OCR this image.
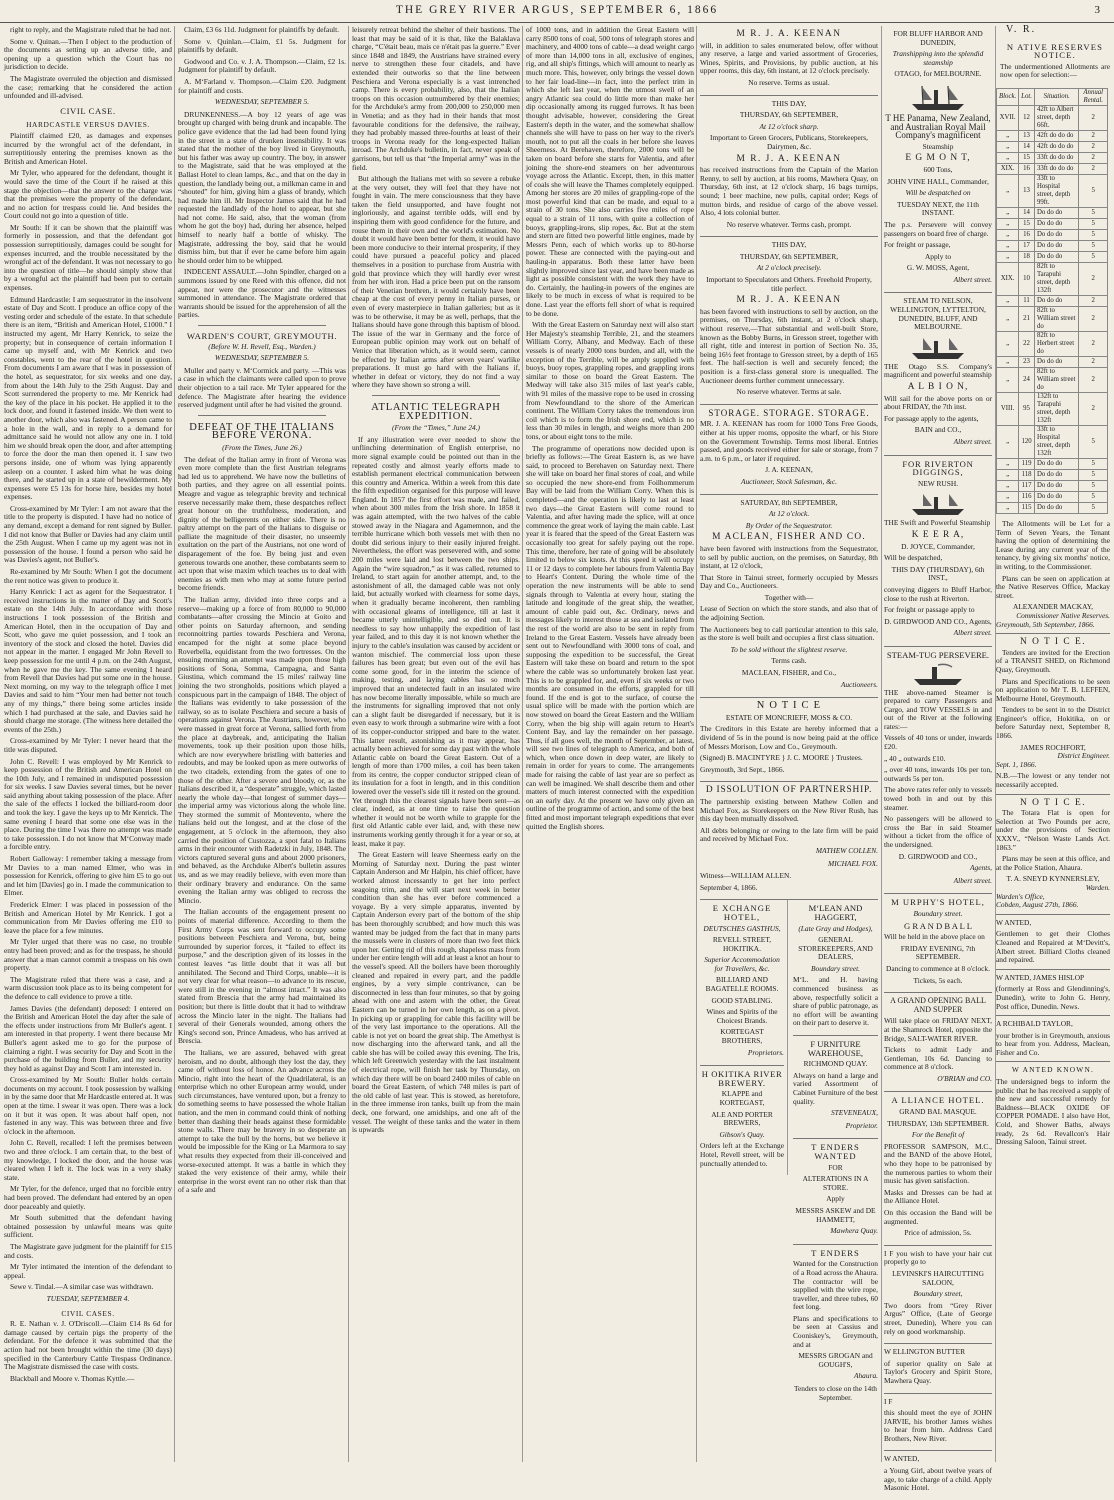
THE GREY RIVER ARGUS, SEPTEMBER 6, 1866	3

right to reply, and the Magistrate ruled that he had not.

Some v. Quinan.—Then I object to the production of the documents as setting up an adverse title, and opening up a question which the Court has no jurisdiction to decide.

The Magistrate overruled the objection and dismissed the case; remarking that he considered the action unfounded and ill-advised.

CIVIL CASE.
HARDCASTLE VERSUS DAVIES.

Plaintiff claimed £20, as damages and expenses incurred by the wrongful act of the defendant, in surreptitiously entering the premises known as the British and American Hotel.

Mr Tyler, who appeared for the defendant, thought it would save the time of the Court if he raised at this stage the objection—that the answer to the charge was that the premises were the property of the defendant, and no action for trespass could lie. And besides the Court could not go into a question of title.

Mr South: If it can be shown that the plaintiff was formerly in possession, and that the defendant got possession surreptitiously, damages could be sought for expenses incurred, and the trouble necessitated by the wrongful act of the defendant. It was not necessary to go into the question of title—he should simply show that by a wrongful act the plaintiff had been put to certain expenses.

Edmund Hardcastle: I am sequestrator in the insolvent estate of Day and Scott. I produce an office copy of the vesting order and schedule of the estate. In that schedule there is an item, “British and American Hotel, £1000.” I instructed my agent, Mr Harry Kenrick, to seize the property; but in consequence of certain information I came up myself and, with Mr Kenrick and two constables, went to the rear of the hotel in question. From documents I am aware that I was in possession of the hotel, as sequestrator, for six weeks and one day, from about the 14th July to the 25th August. Day and Scott surrendered the property to me. Mr Kenrick had the key of the place in his pocket. He applied it to the lock door, and found it fastened inside. We then went to another door, which also was fastened. A person came to a hole in the wall, and in reply to a demand for admittance said he would not allow any one in. I told him we should break open the door, and after attempting to force the door the man then opened it. I saw two persons inside, one of whom was lying apparently asleep on a counter. I asked him what he was doing there, and he started up in a state of bewilderment. My expenses were £5 13s for horse hire, besides my hotel expenses.

Cross-examined by Mr Tyler: I am not aware that the title to the property is disputed. I have had no notice of any demand, except a demand for rent signed by Buller. I did not know that Buller or Davies had any claim until the 25th August. When I came up my agent was not in possession of the house. I found a person who said he was Davies's agent, not Buller's.

Re-examined by Mr South: When I got the document the rent notice was given to produce it.

Harry Kenrick: I act as agent for the Sequestrator. I received instructions in the matter of Day and Scott's estate on the 14th July. In accordance with those instructions I took possession of the British and American Hotel, then in the occupation of Day and Scott, who gave me quiet possession, and I took an inventory of the stock and closed the hotel. Davies did not appear in the matter. I engaged Mr John Revell to keep possession for me until 4 p.m. on the 24th August, when he gave me the key. The same evening I heard from Revell that Davies had put some one in the house. Next morning, on my way to the telegraph office I met Davies and said to him “Your men had better not touch any of my things,” there being some articles inside which I had purchased at the sale, and Davies said he should charge me storage. (The witness here detailed the events of the 25th.)

Cross-examined by Mr Tyler: I never heard that the title was disputed.

John C. Revell: I was employed by Mr Kenrick to keep possession of the British and American Hotel on the 10th July, and I remained in undisputed possession for six weeks. I saw Davies several times, but he never said anything about taking possession of the place. After the sale of the effects I locked the billiard-room door and took the key. I gave the keys up to Mr Kenrick. The same evening I heard that some one else was in the place. During the time I was there no attempt was made to take possession. I do not know that M‘Conway made a forcible entry.

Robert Galloway: I remember taking a message from Mr Davies to a man named Elmer, who was in possession for Kenrick, offering to give him £5 to go out and let him [Davies] go in. I made the communication to Elmer.

Frederick Elmer: I was placed in possession of the British and American Hotel by Mr Kenrick. I got a communication from Mr Davies offering me £10 to leave the place for a few minutes.

Mr Tyler urged that there was no case, no trouble entry had been proved; and as for the trespass, he should answer that a man cannot commit a trespass on his own property.

The Magistrate ruled that there was a case, and a warm discussion took place as to its being competent for the defence to call evidence to prove a title.

James Davies (the defendant) deposed: I entered on the British and American Hotel the day after the sale of the effects under instructions from Mr Buller's agent. I am interested in that property. I went there because Mr Buller's agent asked me to go for the purpose of claiming a right. I was security for Day and Scott in the purchase of the building from Buller, and my security they hold as against Day and Scott I am interested in.

Cross-examined by Mr South: Buller holds certain documents on my account. I took possession by walking in by the same door that Mr Hardcastle entered at. It was open at the time. I swear it was open. There was a lock on it but it was open. It was about half open, not fastened in any way. This was between three and five o'clock in the afternoon.

John C. Revell, recalled: I left the premises between two and three o'clock. I am certain that, to the best of my knowledge, I locked the door, and the house was cleared when I left it. The lock was in a very shaky state.

Mr Tyler, for the defence, urged that no forcible entry had been proved. The defendant had entered by an open door peaceably and quietly.

Mr South submitted that the defendant having obtained possession by unlawful means was quite sufficient.

The Magistrate gave judgment for the plaintiff for £15 and costs.

Mr Tyler intimated the intention of the defendant to appeal.

Sewe v. Tindal.—A similar case was withdrawn.

TUESDAY, SEPTEMBER 4.
CIVIL CASES.

R. E. Nathan v. J. O'Driscoll.—Claim £14 8s 6d for damage caused by certain pigs the property of the defendant. For the defence it was submitted that the action had not been brought within the time (30 days) specified in the Canterbury Cattle Trespass Ordinance. The Magistrate dismissed the case with costs.

Blackball and Moore v. Thomas Kyttle.—

Claim, £3 6s 11d. Judgment for plaintiffs by default.

Some v. Quinlan.—Claim, £1 5s. Judgment for plaintiffs by default.

Godwood and Co. v. J. A. Thompson.—Claim, £2 1s. Judgment for plaintiff by default.

A. M‘Farland v. Thompson.—Claim £20. Judgment for plaintiff and costs.

WEDNESDAY, SEPTEMBER 5.

DRUNKENNESS.—A boy 12 years of age was brought up charged with being drunk and incapable. The police gave evidence that the lad had been found lying in the street in a state of drunken insensibility. It was stated that the mother of the boy lived in Greymouth, but his father was away up country. The boy, in answer to the Magistrate, said that he was employed at the Ballast Hotel to clean lamps, &c., and that on the day in question, the landlady being out, a milkman came in and “shouted” for him, giving him a glass of brandy, which had made him ill. Mr Inspector James said that he had requested the landlady of the hotel to appear, but she had not come. He said, also, that the woman (from whom he got the boy) had, during her absence, helped himself to nearly half a bottle of whisky. The Magistrate, addressing the boy, said that he would dismiss him, but that if ever he came before him again he should order him to be whipped.

INDECENT ASSAULT.—John Spindler, charged on a summons issued by one Reed with this offence, did not appear, nor were the prosecutor and the witnesses summoned in attendance. The Magistrate ordered that warrants should be issued for the apprehension of all the parties.

WARDEN'S COURT, GREYMOUTH.
(Before W. H. Revell, Esq., Warden.)
WEDNESDAY, SEPTEMBER 5.

Muller and party v. M‘Cormick and party. —This was a case in which the claimants were called upon to prove their objection to a tail race. Mr Tyler appeared for the defence. The Magistrate after hearing the evidence reserved judgment until after he had visited the ground.

DEFEAT OF THE ITALIANS BEFORE VERONA.
(From the Times, June 26.)

The defeat of the Italian army in front of Verona was even more complete than the first Austrian telegrams had led us to apprehend. We have now the bulletins of both parties, and they agree on all essential points. Meagre and vague as telegraphic brevity and technical reserve necessarily make them, these despatches reflect great honour on the truthfulness, moderation, and dignity of the belligerents on either side. There is no paltry attempt on the part of the Italians to disguise or palliate the magnitude of their disaster, no unseemly exultation on the part of the Austrians, not one word of disparagement of the foe. By being just and even generous towards one another, these combatants seem to act upon that wise maxim which teaches us to deal with enemies as with men who may at some future period become friends.

The Italian army, divided into three corps and a reserve—making up a force of from 80,000 to 90,000 combatants—after crossing the Mincio at Goito and other points on Saturday afternoon, and sending reconnoitring parties towards Peschiera and Verona, encamped for the night at some place beyond Roverbella, equidistant from the two fortresses. On the ensuing morning an attempt was made upon those high positions of Sona, Somma, Campagna, and Santa Giustina, which command the 15 miles' railway line joining the two strongholds, positions which played a conspicuous part in the campaign of 1848. The object of the Italians was evidently to take possession of the railway, so as to isolate Peschiera and secure a basis of operations against Verona. The Austrians, however, who were massed in great force at Verona, sallied forth from the place at daybreak, and, anticipating the Italian movements, took up their position upon those hills, which are now everywhere bristling with batteries and redoubts, and may be looked upon as mere outworks of the two citadels, extending from the gates of one to those of the other. After a severe and bloody, or, as the Italians described it, a “desperate” struggle, which lasted nearly the whole day—that longest of summer days—the imperial army was victorious along the whole line. They stormed the summit of Montevento, where the Italians held out the longest, and at the close of the engagement, at 5 o'clock in the afternoon, they also carried the position of Custozza, a spot fatal to Italians arms in their encounter with Radetzki in July, 1848. The victors captured several guns and about 2000 prisoners, and behaved, as the Archduke Albert's bulletin assures us, and as we may readily believe, with even more than their ordinary bravery and endurance. On the same evening the Italian army was obliged to recross the Mincio.

The Italian accounts of the engagement present no points of material difference. According to them the First Army Corps was sent forward to occupy some positions between Peschiera and Verona, but, being surrounded by superior forces, it “failed to effect its purpose,” and the description given of its losses in the contest leaves “as little doubt that it was all but annihilated. The Second and Third Corps, unable—it is not very clear for what reason—to advance to its rescue, were still in the evening in “almost intact.” It was also stated from Brescia that the army had maintained its position; but there is little doubt that it had to withdraw across the Mincio later in the night. The Italians had several of their Generals wounded, among others the King's second son, Prince Amadeus, who has arrived at Brescia.

The Italians, we are assured, behaved with great heroism, and no doubt, although they lost the day, they came off without loss of honor. An advance across the Mincio, right into the heart of the Quadrilateral, is an enterprise which no other European army would, under such circumstances, have ventured upon, but a frenzy to do something seems to have possessed the whole Italian nation, and the men in command could think of nothing better than dashing their heads against these formidable stone walls. There may be bravery in so desperate an attempt to take the bull by the horns, but we believe it would be impossible for the King or La Marmora to say what results they expected from their ill-conceived and worse-executed attempt. It was a battle in which they staked the very existence of their army, while their enterprise in the worst event ran no other risk than that of a safe and

leisurely retreat behind the shelter of their bastions. The least that may be said of it is that, like the Balaklava charge, “C'était beau, mais ce n'était pas la guerre.” Ever since 1848 and 1849, the Austrians have strained every nerve to strengthen these four citadels, and have extended their outworks so that the line between Peschiera and Verona especially is a vast intrenched camp. There is every probability, also, that the Italian troops on this occasion outnumbered by their enemies; for the Archduke's army from 200,000 to 250,000 men in Venetia; and as they had in their hands that most favourable conditions for the defensive, the railway, they had probably massed three-fourths at least of their troops in Verona ready for the long-expected Italian inroad. The Archduke's bulletin, in fact, never speak of garrisons, but tell us that “the Imperial army” was in the field.

But although the Italians met with so severe a rebuke at the very outset, they will feel that they have not fought in vain. The mere consciousness that they have taken the field unsupported, and have fought not ingloriously, and against terrible odds, will end by inspiring them with good confidence for the future, and rouse them in their own and the world's estimation. No doubt it would have been better for them, it would have been more conducive to their internal prosperity, if they could have pursued a peaceful policy and placed themselves in a position to purchase from Austria with gold that province which they will hardly ever wrest from her with iron. Had a price been put on the ransom of their Venetian brethren, it would certainly have been cheap at the cost of every penny in Italian purses, or even of every masterpiece in Italian galleries; but as it was to be otherwise, it may be as well, perhaps, that the Italians should have gone through this baptism of blood. The issue of the war in Germany and the force of European public opinion may work out on behalf of Venice that liberation which, as it would seem, cannot be effected by Italian arms after seven years' warlike preparations. It must go hard with the Italians if, whether in defeat or victory, they do not find a way where they have shown so strong a will.

ATLANTIC TELEGRAPH EXPEDITION.
(From the “Times,” June 24.)

If any illustration were ever needed to show the unflinching determination of English enterprise, no more signal example could be pointed out than in the repeated costly and almost yearly efforts made to establish permanent electrical communication between this country and America. Within a week from this date the fifth expedition organised for this purpose will leave England. In 1857 the first effort was made, and failed, when about 300 miles from the Irish shore. In 1858 it was again attempted, with the two halves of the cable stowed away in the Niagara and Agamemnon, and the terrible hurricane which both vessels met with then no doubt did serious injury to their easily injured freight. Nevertheless, the effort was persevered with, and some 200 miles were laid and lost between the two ships. Again the “wire squadron,” as it was called, returned to Ireland, to start again for another attempt, and, to the astonishment of all, the damaged cable was not only laid, but actually worked with clearness for some days, when it gradually became incoherent, then rambling with occasional gleams of intelligence, till at last it became utterly unintelligible, and so died out. It is needless to say how unhappily the expedition of last year failed, and to this day it is not known whether the injury to the cable's insulation was caused by accident or wanton mischief. The commercial loss upon these failures has been great; but even out of the evil has come some good, for in the interim the science of making, testing, and laying cables has so much improved that an undetected fault in an insulated wire has now become literally impossible, while so much are the instruments for signalling improved that not only can a slight fault be disregarded if necessary, but it is even easy to work through a submarine wire with a foot of its copper-conductor stripped and bare to the water. This latter result, astonishing as it may appear, has actually been achieved for some day past with the whole Atlantic cable on board the Great Eastern. Out of a length of more than 1700 miles, a coil has been taken from its centre, the copper conductor stripped clean of its insulation for a foot in length, and in this condition lowered over the vessel's side till it rested on the ground. Yet through this the clearest signals have been sent—as clear, indeed, as at one time to raise the question whether it would not be worth while to grapple for the first old Atlantic cable ever laid, and, with these new instruments working gently through it for a year or so, at least, make it pay.

The Great Eastern will leave Sheerness early on the Morning of Saturday next. During the past winter Captain Anderson and Mr Halpin, his chief officer, have worked almost incessantly to get her into perfect seagoing trim, and the will start next week in better condition than she has ever before commenced a voyage. By a very simple apparatus, invented by Captain Anderson every part of the bottom of the ship has been thoroughly scrubbed; and how much this was wanted may be judged from the fact that in many parts the mussels were in clusters of more than two feet thick upon her. Getting rid of this rough, shapeless mass from under her entire length will add at least a knot an hour to the vessel's speed. All the boilers have been thoroughly cleaned and repaired in every part, and the paddle engines, by a very simple contrivance, can be disconnected in less than four minutes, so that by going ahead with one and astern with the other, the Great Eastern can be turned in her own length, as on a pivot. In picking up or grappling for cable this facility will be of the very last importance to the operations. All the cable is not yet on board the great ship. The Amethyst is now discharging into the afterward tank, and all the cable she has will be coiled away this evening. The Iris, which left Greenwich yesterday with the last instalment of electrical rope, will finish her task by Thursday, on which day there will be on board 2400 miles of cable on board the Great Eastern, of which 748 miles is part of the old cable of last year. This is stowed, as heretofore, in the three immense iron tanks, built up from the main deck, one forward, one amidships, and one aft of the vessel. The weight of these tanks and the water in them is upwards

of 1000 tons, and in addition the Great Eastern will carry 8500 tons of coal, 500 tons of telegraph stores and machinery, and 4000 tons of cable—a dead weight cargo of more than 14,000 tons in all, exclusive of engines, rig, and all ship's fittings, which will amount to nearly as much more. This, however, only brings the vessel down to her fair load-line—in fact, into the perfect trim in which she left last year, when the utmost swell of an angry Atlantic sea could do little more than make her dip occasionally among its rugged furrows. It has been thought advisable, however, considering the Great Eastern's depth in the water, and the somewhat shallow channels she will have to pass on her way to the river's mouth, not to put all the coals in her before she leaves Sheerness. At Berehaven, therefore, 2000 tons will be taken on board before she starts for Valentia, and after joining the shore-end steamers on her adventurous voyage across the Atlantic. Except, then, in this matter of coals she will leave the Thames completely equipped. Among her stores are 20 miles of grappling-rope of the most powerful kind that can be made, and equal to a strain of 30 tons. She also carries five miles of rope equal to a strain of 11 tons, with quite a collection of buoys, grappling-irons, slip ropes, &c. But at the stem and stern are fitted two powerful little engines, made by Messrs Penn, each of which works up to 80-horse power. These are connected with the paying-out and hauling-in apparatus. Both these latter have been slightly improved since last year, and have been made as light as possible consistent with the work they have to do. Certainly, the hauling-in powers of the engines are likely to be much in excess of what is required to be done. Last year the efforts fell short of what is required to be done.

With the Great Eastern on Saturday next will also start Her Majesty's steamship Terrible, 21, and the steamers William Corry, Albany, and Medway. Each of these vessels is of nearly 2000 tons burden, and all, with the exception of the Terrible, will be amply supplied with buoys, buoy ropes, grappling ropes, and grappling irons similar to those on board the Great Eastern. The Medway will take also 315 miles of last year's cable, with 91 miles of the massive rope to be used in crossing from Newfoundland to the shore of the American continent. The William Corry takes the tremendous iron coil which is to form the Irish shore end, which is no less than 30 miles in length, and weighs more than 200 tons, or about eight tons to the mile.

The programme of operations now decided upon is briefly as follows:—The Great Eastern is, as we have said, to proceed to Berehaven on Saturday next. There she will take on board her final stores of coal, and while so occupied the new shore-end from Foilhommerum Bay will be laid from the William Corry. When this is completed—and the operation is likely to last at least two days—the Great Eastern will come round to Valentia, and after having made the splice, will at once commence the great work of laying the main cable. Last year it is feared that the speed of the Great Eastern was occasionally too great for safely paying out the rope. This time, therefore, her rate of going will be absolutely limited to below six knots. At this speed it will occupy 11 or 12 days to complete her labours from Valentia Bay to Heart's Content. During the whole time of the operation the new instruments will be able to send signals through to Valentia at every hour, stating the latitude and longitude of the great ship, the weather, amount of cable paid out, &c. Ordinary, news and messages likely to interest those at sea and isolated from the rest of the world are also to be sent in reply from Ireland to the Great Eastern. Vessels have already been sent out to Newfoundland with 3000 tons of coal, and supposing the expedition to be successful, the Great Eastern will take these on board and return to the spot where the cable was so unfortunately broken last year. This is to be grappled for, and, even if six weeks or two months are consumed in the efforts, grappled for till found. If the end is got to the surface, of course the usual splice will be made with the portion which are now stowed on board the Great Eastern and the William Corry, when the big ship will again return to Heart's Content Bay, and lay the remainder on her passage. Thus, if all goes well, the month of September, at latest, will see two lines of telegraph to America, and both of which, when once down in deep water, are likely to remain in order for years to come. The arrangements made for raising the cable of last year are so perfect as can well be imagined. We shall describe them and other matters of much interest connected with the expedition on an early day. At the present we have only given an outline of the programme of action, and some of the best fitted and most important telegraph expeditions that ever quitted the English shores.

M R. J. A. KEENAN

will, in addition to sales enumerated below, offer without any reserve, a large and varied assortment of Groceries, Wines, Spirits, and Provisions, by public auction, at his upper rooms, this day, 6th instant, at 12 o'clock precisely.

No reserve. Terms as usual.

THIS DAY,

THURSDAY, 6th SEPTEMBER,

At 12 o'clock sharp.

Important to Green Grocers, Publicans, Storekeepers, Dairymen, &c.

M R. J. A. KEENAN

has received instructions from the Captain of the Marion Renny, to sell by auction, at his rooms, Mawhera Quay, on Thursday, 6th inst, at 12 o'clock sharp, 16 bags turnips, sound; 1 beer machine, new pulls, capital order; Kegs of mutton birds, and residue of cargo of the above vessel. Also, 4 lots colonial butter.

No reserve whatever. Terms cash, prompt.

THIS DAY,

THURSDAY, 6th SEPTEMBER,

At 2 o'clock precisely.

Important to Speculators and Others. Freehold Property, title perfect.

M R. J. A. KEENAN

has been favored with instructions to sell by auction, on the premises, on Thursday, 6th instant, at 2 o'clock sharp, without reserve,—That substantial and well-built Store, known as the Bobby Burns, in Gresson street, together with all right, title and interest in portion of Section No. 35, being 16½ feet frontage to Gresson street, by a depth of 165 feet. The half-section is well and securely fenced; the position is a first-class general store is unequalled. The Auctioneer deems further comment unnecessary.

No reserve whatever. Terms at sale.

STORAGE. STORAGE. STORAGE.

MR. J. A. KEENAN has room for 1000 Tons Free Goods, either at his upper rooms, opposite the wharf, or his Store on the Government Township. Terms most liberal. Entries passed, and goods received either for sale or storage, from 7 a.m. to 6 p.m., or later if required.

J. A. KEENAN,

Auctioneer, Stock Salesman, &c.

SATURDAY, 8th SEPTEMBER,

At 12 o'clock.

By Order of the Sequestrator.

M ACLEAN, FISHER AND CO.

have been favored with instructions from the Sequestrator, to sell by public auction, on the premises, on Saturday, 8th instant, at 12 o'clock,

That Store in Tainui street, formerly occupied by Messrs Day and Co., Auctioneers.

Together with—

Lease of Section on which the store stands, and also that of the adjoining Section.

The Auctioneers beg to call particular attention to this sale, as the store is well built and occupies a first class situation.

To be sold without the slightest reserve.

Terms cash.

MACLEAN, FISHER, and Co.,

Auctioneers.

N O T I C E

ESTATE OF MONCRIEFF, MOSS & CO.

The Creditors in this Estate are hereby informed that a dividend of 5s in the pound is now being paid at the office of Messrs Morison, Low and Co., Greymouth.

(Signed) B. MACINTYRE } J. C. MOORE } Trustees.

Greymouth, 3rd Sept., 1866.

D ISSOLUTION OF PARTNERSHIP.

The partnership existing between Mathew Collen and Michael Fox, as Storekeepers on the New River Rush, has this day been mutually dissolved.

All debts belonging or owing to the late firm will be paid and received by Michael Fox.

MATHEW COLLEN.

MICHAEL FOX.

Witness—WILLIAM ALLEN.

September 4, 1866.

E XCHANGE HOTEL,

DEUTSCHES GASTHUS,

REVELL STREET, HOKITIKA.

Superior Accommodation for Travellers, &c.

BILLIARD AND BAGATELLE ROOMS.

GOOD STABLING.

Wines and Spirits of the Choicest Brands.

KORTEGAST BROTHERS,

Proprietors.

H OKITIKA RIVER BREWERY.

KLAPPE and KORTEGAST,

ALE AND PORTER BREWERS,

Gibson's Quay.

Orders left at the Exchange Hotel, Revell street, will be punctually attended to.

M‘LEAN AND HAGGERT,

(Late Gray and Hodges),

GENERAL STOREKEEPERS, AND DEALERS,

Boundary street.

M‘L. and H. having commenced business as above, respectfully solicit a share of public patronage, as no effort will be awanting on their part to deserve it.

F URNITURE WAREHOUSE,

RICHMOND QUAY.

Always on hand a large and varied Assortment of Cabinet Furniture of the best quality.

STEVENEAUX,

Proprietor.

T ENDERS WANTED

FOR

ALTERATIONS IN A STORE.

Apply

MESSRS ASKEW and DE HAMMETT,

Mawhera Quay.

T ENDERS

Wanted for the Construction of a Road across the Ahaura. The contractor will be supplied with the wire rope, traveller, and three tubes, 60 feet long.

Plans and specifications to be seen at Cassius and Cooniskey's, Greymouth, and at

MESSRS GROGAN and GOUGH'S,

Ahaura.

Tenders to close on the 14th September.

FOR BLUFF HARBOR AND DUNEDIN,

Transhipping into the splendid steamship

OTAGO, for MELBOURNE.

T HE Panama, New Zealand, and Australian Royal Mail Company's magnificent

Steamship

E G M O N T,

600 Tons,

JOHN VINE HALL, Commander,

Will be despatched on

TUESDAY NEXT, the 11th INSTANT.

The p.s. Persevere will convey passengers on board free of charge.

For freight or passage,

Apply to

G. W. MOSS, Agent,

Albert street.

STEAM TO NELSON, WELLINGTON, LYTTELTON, DUNEDIN, BLUFF, AND MELBOURNE.

THE Otago S.S. Company's magnificent and powerful steamship

A L B I O N,

Will sail for the above ports on or about FRIDAY, the 7th inst.

For passage apply to the agents,

BAIN and CO.,

Albert street.

FOR RIVERTON DIGGINGS,

NEW RUSH.

THE Swift and Powerful Steamship

K E E R A,

D. JOYCE, Commander,

Will be despatched,

THIS DAY (THURSDAY), 6th INST.,

conveying diggers to Bluff Harbor, close to the rush at Riverton.

For freight or passage apply to

D. GIRDWOOD AND CO., Agents,

Albert street.

STEAM-TUG PERSEVERE.

THE above-named Steamer is prepared to carry Passengers and Cargo, and TOW VESSELS in and out of the River at the following rates:—

Vessels of 40 tons or under, inwards £20.

„ 40 „ outwards £10.

„ over 40 tons, inwards 10s per ton, outwards 5s per ton.

The above rates refer only to vessels towed both in and out by this steamer.

No passengers will be allowed to cross the Bar in said Steamer without a ticket from the office of the undersigned.

D. GIRDWOOD and CO.,

Agents,

Albert street.

M URPHY'S HOTEL,

Boundary street.

G R A N D B A L L

Will be held in the above place on

FRIDAY EVENING, 7th SEPTEMBER.

Dancing to commence at 8 o'clock.

Tickets, 5s each.

A GRAND OPENING BALL AND SUPPER

Will take place on FRIDAY NEXT, at the Shamrock Hotel, opposite the Bridge, SALT-WATER RIVER.

Tickets to admit Lady and Gentleman, 10s 6d. Dancing to commence at 8 o'clock.

O'BRIAN and CO.

A LLIANCE HOTEL.

GRAND BAL MASQUE.

THURSDAY, 13th SEPTEMBER.

For the Benefit of

PROFESSOR SAMPSON, M.C., and the BAND of the above Hotel, who they hope to be patronised by the numerous parties to whom their music has given satisfaction.

Masks and Dresses can be had at the Alliance Hotel.

On this occasion the Band will be augmented.

Price of admission, 5s.

I F you wish to have your hair cut properly go to

LEVINSKI'S HAIRCUTTING SALOON,

Boundary street,

Two doors from “Grey River Argus” Office, (Late of George street, Dunedin), Where you can rely on good workmanship.

W ELLINGTON BUTTER

of superior quality on Sale at Taylor's Grocery and Spirit Store, Mawhera Quay.

I F

this should meet the eye of JOHN JARVIE, his brother James wishes to hear from him. Address Card Brothers, New River.

W ANTED,

a Young Girl, about twelve years of age, to take charge of a child. Apply Masonic Hotel.

V. R.

N ATIVE RESERVES NOTICE.

The undermentioned Allotments are now open for selection:—

Block.	Lot.	Situation.	Annual Rental.
XVII.	12	42ft to Albert street, depth 66ft.	2
„	13	42ft do do do	2
„	14	42ft do do do	2
„	15	33ft do do do	2
XIX.	16	33ft do do do	2
„	13	33ft to Hospital street, depth 99ft.	5
„	14	Do do do	5
„	15	Do do do	5
„	16	Do do do	5
„	17	Do do do	5
„	18	Do do do	5
XIX.	10	82ft to Tarapuhi street, depth 132ft	2
„	11	Do do do	2
„	21	82ft to William street do	2
„	22	82ft to Herbert street do	2
„	23	Do do do	2
„	24	82ft to William street do	2
VIII.	95	132ft to Tarapuhi street, depth 132ft	2
„	120	33ft to Hospital street, depth 132ft	5
„	119	Do do do	5
„	118	Do do do	5
„	117	Do do do	5
„	116	Do do do	5
„	115	Do do do	5

The Allotments will be Let for a Term of Seven Years, the Tenant having the option of determining the Lease during any current year of the tenancy, by giving six months' notice, in writing, to the Commissioner.

Plans can be seen on application at the Native Reserves Office, Mackay street.

ALEXANDER MACKAY,

Commissioner Native Reserves.

Greymouth, 5th September, 1866.

N O T I C E.

Tenders are invited for the Erection of a TRANSIT SHED, on Richmond Quay, Greymouth.

Plans and Specifications to be seen on application to Mr T. B. LEFFEN, Melbourne Hotel, Greymouth.

Tenders to be sent in to the District Engineer's office, Hokitika, on or before Saturday next, September 8, 1866.

JAMES ROCHFORT,

District Engineer.

Sept. 1, 1866.

N.B.—The lowest or any tender not necessarily accepted.

N O T I C E.

The Totara Flat is open for Selection at Two Pounds per acre, under the provisions of Section XXXV., “Nelson Waste Lands Act. 1863.”

Plans may be seen at this office, and at the Police Station, Ahaura.

T. A. SNEYD KYNNERSLEY,

Warden.

Warden's Office,

Cobden, August 27th, 1866.

W ANTED,

Gentlemen to get their Clothes Cleaned and Repaired at M‘Devitt's, Albert street. Billiard Cloths cleaned and repaired.

W ANTED, JAMES HISLOP

(formerly at Ross and Glendinning's, Dunedin), write to John G. Henry, Post office, Dunedin. News.

A RCHIBALD TAYLOR,

your brother is in Greymouth, anxious to hear from you. Address, Maclean, Fisher and Co.

W ANTED KNOWN.

The undersigned begs to inform the public that he has received a supply of the new and successful remedy for Baldness—BLACK OXIDE OF COPPER POMADE. I also have Hot, Cold, and Shower Baths, always ready, 2s 6d. Revallcon's Hair Dressing Saloon, Tainui street.
